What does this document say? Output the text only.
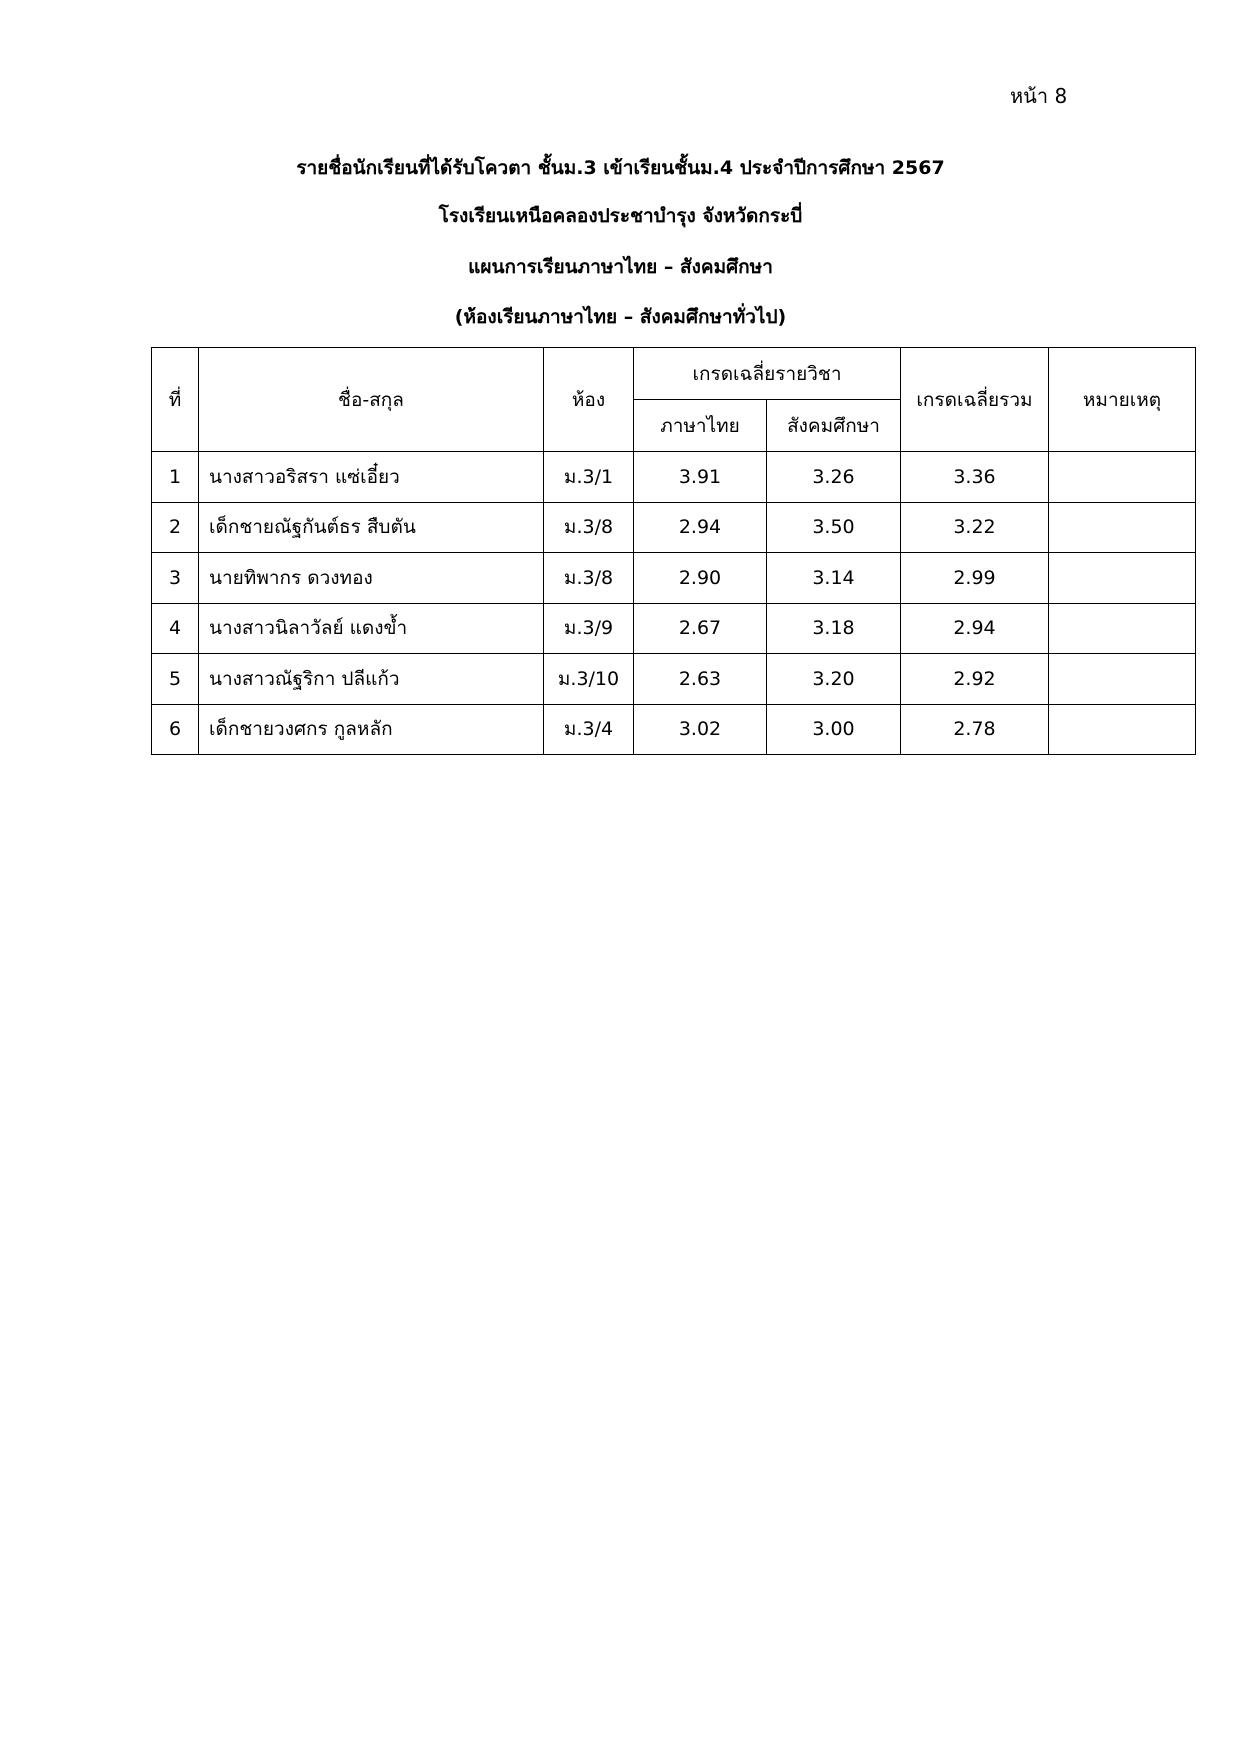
หน้า 8
รายชื่อนักเรียนที่ได้รับโควตา ชั้นม.3 เข้าเรียนชั้นม.4 ประจำปีการศึกษา 2567
โรงเรียนเหนือคลองประชาบำรุง จังหวัดกระบี่
แผนการเรียนภาษาไทย – สังคมศึกษา
(ห้องเรียนภาษาไทย – สังคมศึกษาทั่วไป)
ที่	ชื่อ-สกุล	ห้อง	เกรดเฉลี่ยรายวิชา		เกรดเฉลี่ยรวม	หมายเหตุ
			ภาษาไทย	สังคมศึกษา		
1	นางสาวอริสรา แซ่เอี๋ยว	ม.3/1	3.91	3.26	3.36	
2	เด็กชายณัฐกันต์ธร สืบตัน	ม.3/8	2.94	3.50	3.22	
3	นายทิพากร ดวงทอง	ม.3/8	2.90	3.14	2.99	
4	นางสาวนิลาวัลย์ แดงข้ำ	ม.3/9	2.67	3.18	2.94	
5	นางสาวณัฐริกา ปลีแก้ว	ม.3/10	2.63	3.20	2.92	
6	เด็กชายวงศกร กูลหลัก	ม.3/4	3.02	3.00	2.78	
